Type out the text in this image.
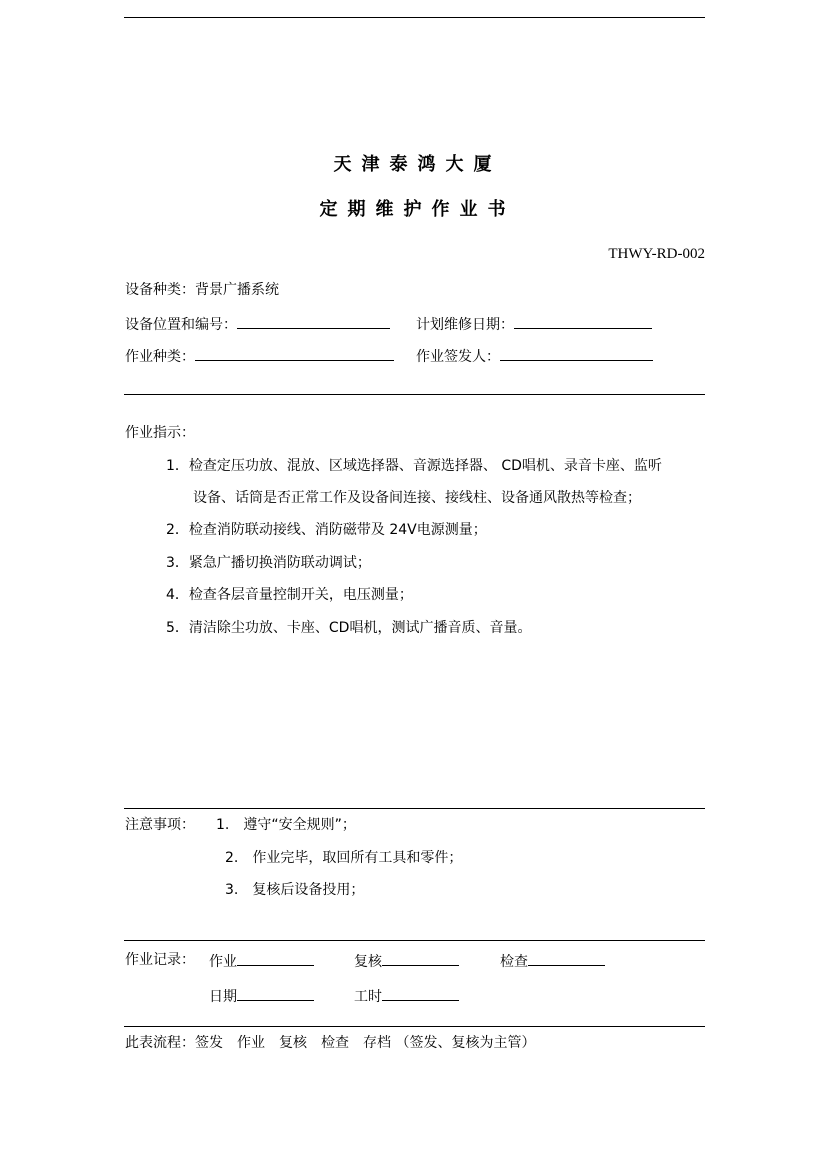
天津泰鸿大厦
定期维护作业书
THWY-RD-002
设备种类：背景广播系统
设备位置和编号：	计划维修日期：
作业种类：	作业签发人：
作业指示：
1．检查定压功放、混放、区域选择器、音源选择器、 CD唱机、录音卡座、监听
设备、话筒是否正常工作及设备间连接、接线柱、设备通风散热等检查；
2．检查消防联动接线、消防磁带及 24V电源测量；
3．紧急广播切换消防联动调试；
4．检查各层音量控制开关，电压测量；
5．清洁除尘功放、卡座、CD唱机，测试广播音质、音量。
注意事项： 1.　遵守“安全规则”；
2.　作业完毕，取回所有工具和零件；
3.　复核后设备投用；
作业记录： 作业	复核	检查
日期	工时
此表流程：签发　作业　复核　检查　存档 （签发、复核为主管）
